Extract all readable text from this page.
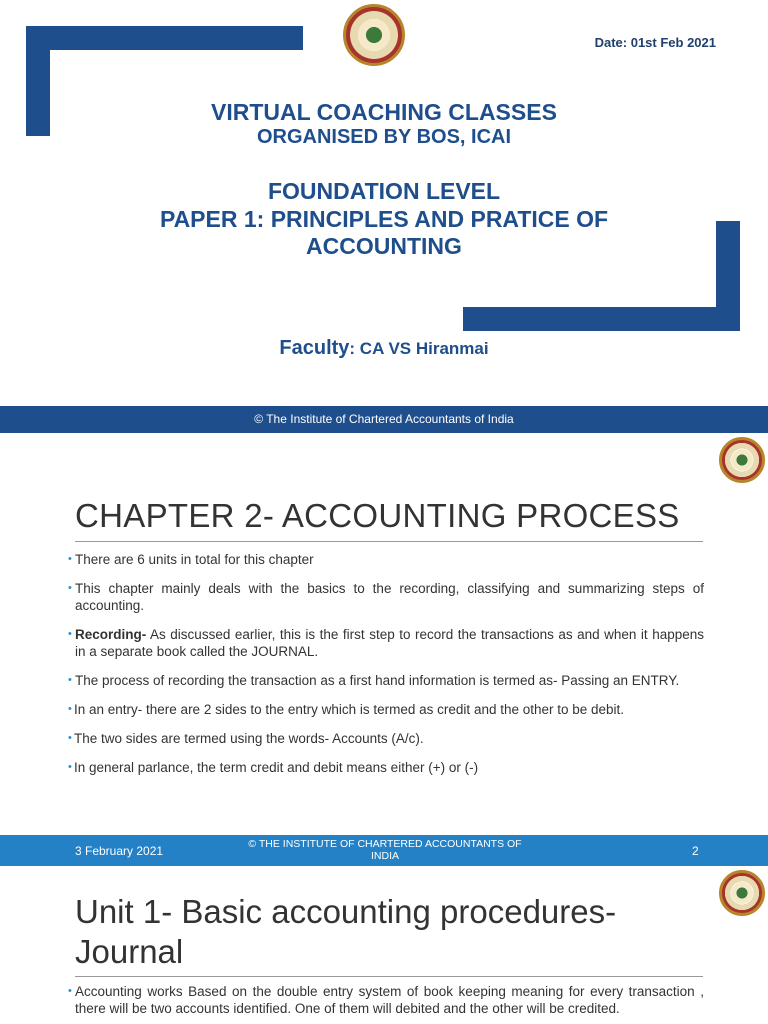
Date: 01st Feb 2021
VIRTUAL COACHING CLASSES
ORGANISED BY BOS, ICAI
FOUNDATION LEVEL
PAPER 1: PRINCIPLES AND PRATICE OF
ACCOUNTING
Faculty: CA VS Hiranmai
© The Institute of Chartered Accountants of India
CHAPTER 2- ACCOUNTING PROCESS
• There are 6 units in total for this chapter
• This chapter mainly deals with the basics to the recording, classifying and summarizing steps of accounting.
• Recording- As discussed earlier, this is the first step to record the transactions as and when it happens in a separate book called the JOURNAL.
• The process of recording the transaction as a first hand information is termed as- Passing an ENTRY.
• In an entry- there are 2 sides to the entry which is termed as credit and the other to be debit.
• The two sides are termed using the words- Accounts (A/c).
• In general parlance, the term credit and debit means either (+) or (-)
3 February 2021	© THE INSTITUTE OF CHARTERED ACCOUNTANTS OF
INDIA	2
Unit 1- Basic accounting procedures-
Journal
• Accounting works Based on the double entry system of book keeping meaning for every transaction , there will be two accounts identified. One of them will debited and the other will be credited.
